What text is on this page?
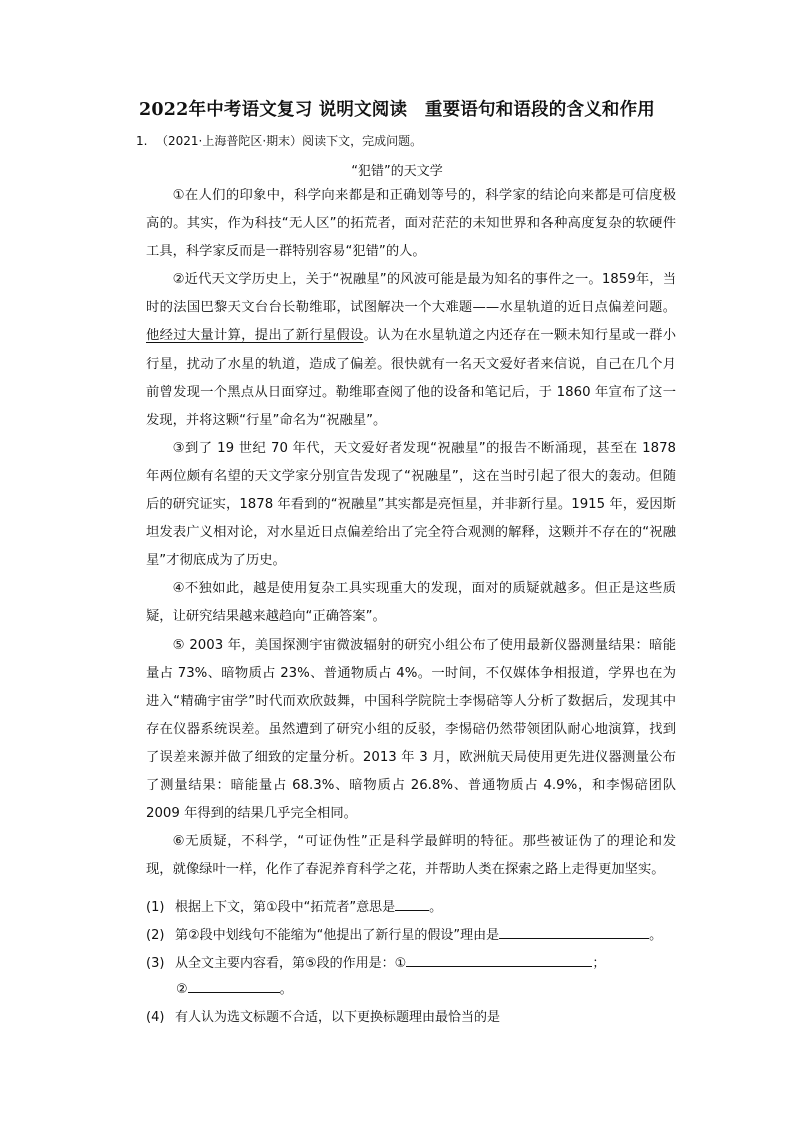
2022年中考语文复习 说明文阅读　重要语句和语段的含义和作用
1. （2021·上海普陀区·期末）阅读下文，完成问题。
“犯错”的天文学

①在人们的印象中，科学向来都是和正确划等号的，科学家的结论向来都是可信度极高的。其实，作为科技“无人区”的拓荒者，面对茫茫的未知世界和各种高度复杂的软硬件工具，科学家反而是一群特别容易“犯错”的人。

②近代天文学历史上，关于“祝融星”的风波可能是最为知名的事件之一。1859年，当时的法国巴黎天文台台长勒维耶，试图解决一个大难题——水星轨道的近日点偏差问题。他经过大量计算，提出了新行星假设。认为在水星轨道之内还存在一颗未知行星或一群小行星，扰动了水星的轨道，造成了偏差。很快就有一名天文爱好者来信说，自己在几个月前曾发现一个黑点从日面穿过。勒维耶查阅了他的设备和笔记后，于 1860 年宣布了这一发现，并将这颗“行星”命名为“祝融星”。

③到了 19 世纪 70 年代，天文爱好者发现“祝融星”的报告不断涌现，甚至在 1878 年两位颇有名望的天文学家分别宣告发现了“祝融星”，这在当时引起了很大的轰动。但随后的研究证实，1878 年看到的“祝融星”其实都是亮恒星，并非新行星。1915 年，爱因斯坦发表广义相对论，对水星近日点偏差给出了完全符合观测的解释，这颗并不存在的“祝融星”才彻底成为了历史。

④不独如此，越是使用复杂工具实现重大的发现，面对的质疑就越多。但正是这些质疑，让研究结果越来越趋向“正确答案”。

⑤ 2003 年，美国探测宇宙微波辐射的研究小组公布了使用最新仪器测量结果：暗能量占 73%、暗物质占 23%、普通物质占 4%。一时间，不仅媒体争相报道，学界也在为进入“精确宇宙学”时代而欢欣鼓舞，中国科学院院士李惕碚等人分析了数据后，发现其中存在仪器系统误差。虽然遭到了研究小组的反驳，李惕碚仍然带领团队耐心地演算，找到了误差来源并做了细致的定量分析。2013 年 3 月，欧洲航天局使用更先进仪器测量公布了测量结果：暗能量占 68.3%、暗物质占 26.8%、普通物质占 4.9%，和李惕碚团队 2009 年得到的结果几乎完全相同。

⑥无质疑，不科学，“可证伪性”正是科学最鲜明的特征。那些被证伪了的理论和发现，就像绿叶一样，化作了春泥养育科学之花，并帮助人类在探索之路上走得更加坚实。

(1) 根据上下文，第①段中“拓荒者”意思是	。
(2) 第②段中划线句不能缩为“他提出了新行星的假设”理由是	。
(3) 从全文主要内容看，第⑤段的作用是：①	；
②	。
(4) 有人认为选文标题不合适，以下更换标题理由最恰当的是
